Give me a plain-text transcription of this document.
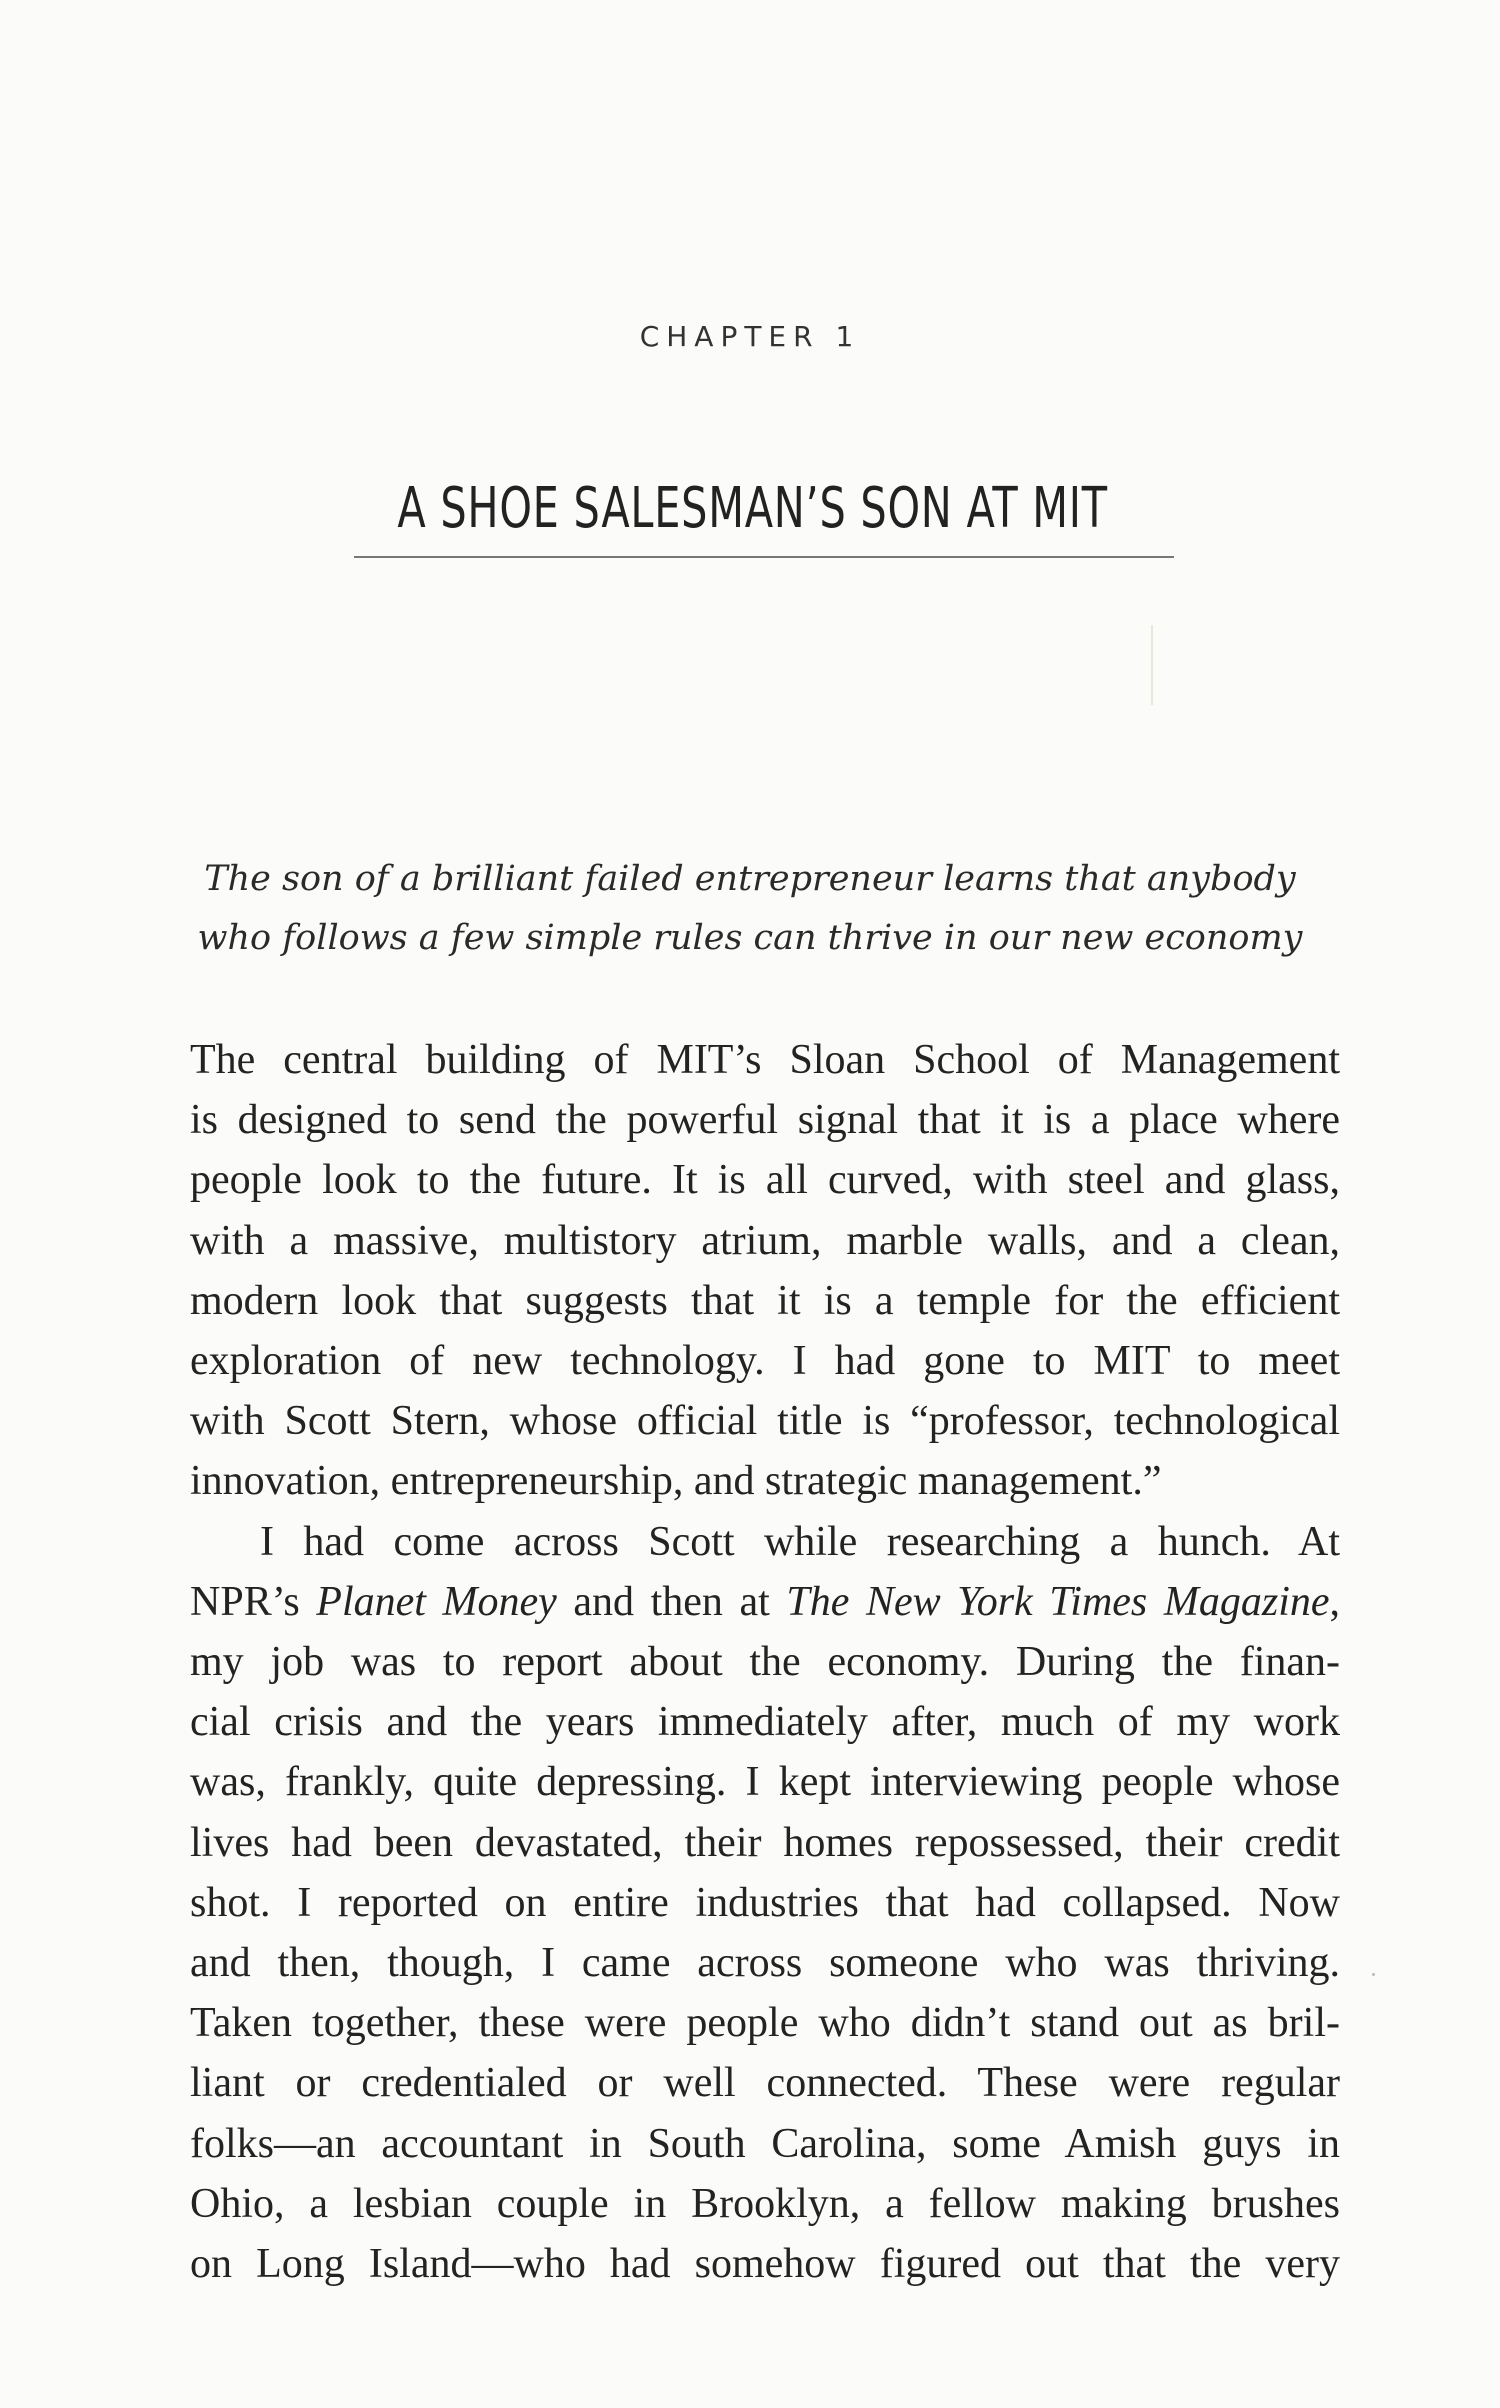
CHAPTER 1
A SHOE SALESMAN’S SON AT MIT
The son of a brilliant failed entrepreneur learns that anybody
who follows a few simple rules can thrive in our new economy
The central building of MIT’s Sloan School of Management
is designed to send the powerful signal that it is a place where
people look to the future. It is all curved, with steel and glass,
with a massive, multistory atrium, marble walls, and a clean,
modern look that suggests that it is a temple for the efficient
exploration of new technology. I had gone to MIT to meet
with Scott Stern, whose official title is “professor, technological
innovation, entrepreneurship, and strategic management.”
I had come across Scott while researching a hunch. At
NPR’s Planet Money and then at The New York Times Magazine,
my job was to report about the economy. During the finan-
cial crisis and the years immediately after, much of my work
was, frankly, quite depressing. I kept interviewing people whose
lives had been devastated, their homes repossessed, their credit
shot. I reported on entire industries that had collapsed. Now
and then, though, I came across someone who was thriving.
Taken together, these were people who didn’t stand out as bril-
liant or credentialed or well connected. These were regular
folks—an accountant in South Carolina, some Amish guys in
Ohio, a lesbian couple in Brooklyn, a fellow making brushes
on Long Island—who had somehow figured out that the very
